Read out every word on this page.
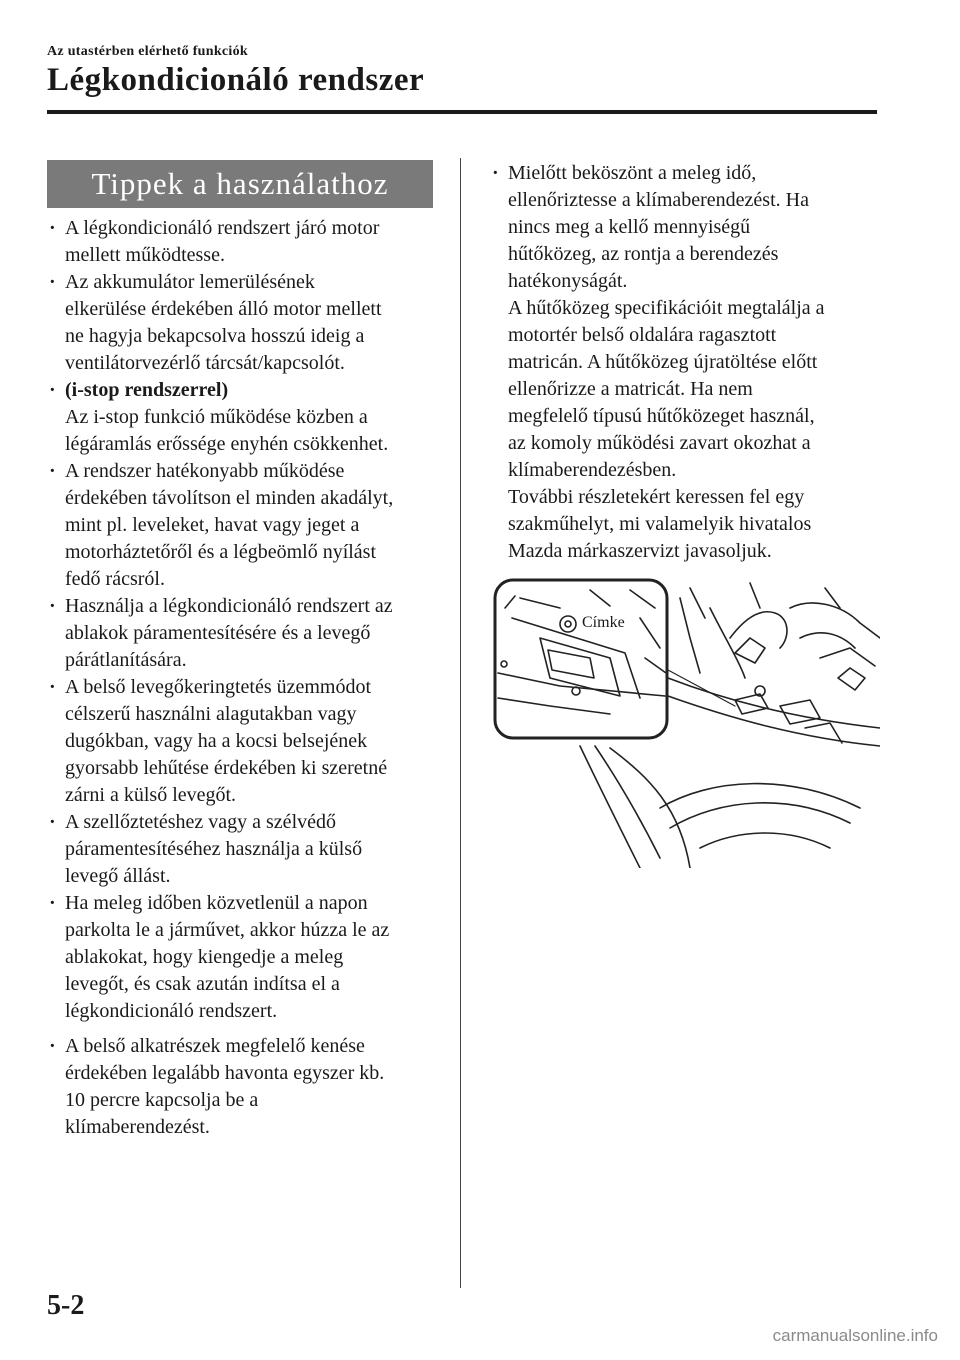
Az utastérben elérhető funkciók
Légkondicionáló rendszer
Tippek a használathoz
· A légkondicionáló rendszert járó motor
mellett működtesse.
· Az akkumulátor lemerülésének
elkerülése érdekében álló motor mellett
ne hagyja bekapcsolva hosszú ideig a
ventilátorvezérlő tárcsát/kapcsolót.
· (i-stop rendszerrel)
Az i-stop funkció működése közben a
légáramlás erőssége enyhén csökkenhet.
· A rendszer hatékonyabb működése
érdekében távolítson el minden akadályt,
mint pl. leveleket, havat vagy jeget a
motorháztetőről és a légbeömlő nyílást
fedő rácsról.
· Használja a légkondicionáló rendszert az
ablakok páramentesítésére és a levegő
párátlanítására.
· A belső levegőkeringtetés üzemmódot
célszerű használni alagutakban vagy
dugókban, vagy ha a kocsi belsejének
gyorsabb lehűtése érdekében ki szeretné
zárni a külső levegőt.
· A szellőztetéshez vagy a szélvédő
páramentesítéséhez használja a külső
levegő állást.
· Ha meleg időben közvetlenül a napon
parkolta le a járművet, akkor húzza le az
ablakokat, hogy kiengedje a meleg
levegőt, és csak azután indítsa el a
légkondicionáló rendszert.
· A belső alkatrészek megfelelő kenése
érdekében legalább havonta egyszer kb.
10 percre kapcsolja be a
klímaberendezést.
· Mielőtt beköszönt a meleg idő,
ellenőriztesse a klímaberendezést. Ha
nincs meg a kellő mennyiségű
hűtőközeg, az rontja a berendezés
hatékonyságát.
A hűtőközeg specifikációit megtalálja a
motortér belső oldalára ragasztott
matricán. A hűtőközeg újratöltése előtt
ellenőrizze a matricát. Ha nem
megfelelő típusú hűtőközeget használ,
az komoly működési zavart okozhat a
klímaberendezésben.
További részletekért keressen fel egy
szakműhelyt, mi valamelyik hivatalos
Mazda márkaszervizt javasoljuk.
Címke
5-2
carmanualsonline.info
